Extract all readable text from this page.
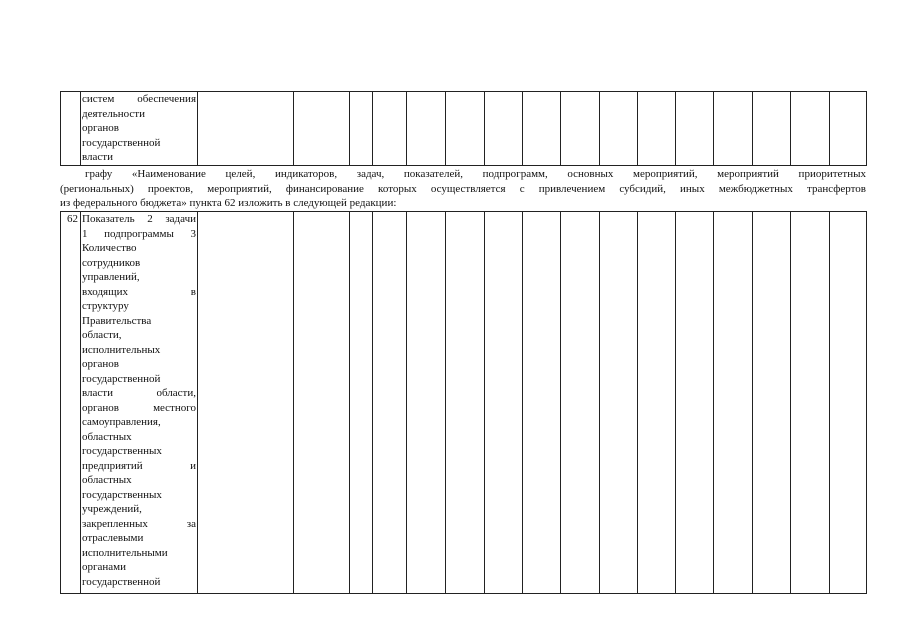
систем обеспечения
деятельности
органов
государственной
власти

графу «Наименование целей, индикаторов, задач, показателей, подпрограмм, основных мероприятий, мероприятий приоритетных
(региональных) проектов, мероприятий, финансирование которых осуществляется с привлечением субсидий, иных межбюджетных трансфертов
из федерального бюджета» пункта 62 изложить в следующей редакции:
62	Показатель 2 задачи
1 подпрограммы 3
Количество
сотрудников
управлений,
входящих	в
структуру
Правительства
области,
исполнительных
органов
государственной
власти	области,
органов	местного
самоуправления,
областных
государственных
предприятий	и
областных
государственных
учреждений,
закрепленных	за
отраслевыми
исполнительными
органами
государственной
